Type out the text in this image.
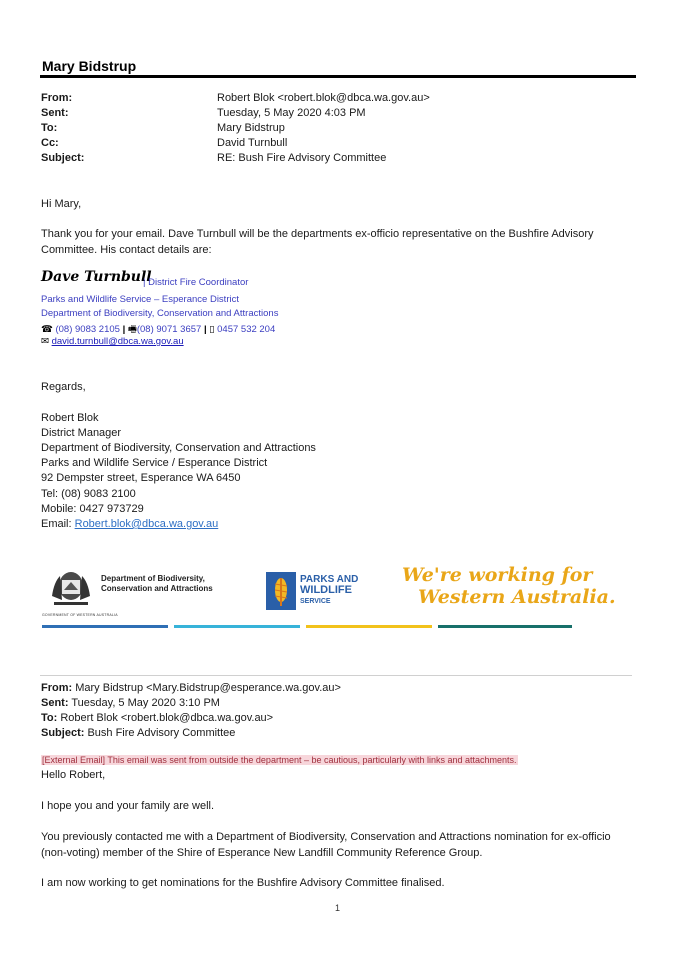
Mary Bidstrup
From:	Robert Blok <robert.blok@dbca.wa.gov.au>
Sent:	Tuesday, 5 May 2020 4:03 PM
To:	Mary Bidstrup
Cc:	David Turnbull
Subject:	RE: Bush Fire Advisory Committee
Hi Mary,
Thank you for your email. Dave Turnbull will be the departments ex-officio representative on the Bushfire Advisory Committee. His contact details are:
Dave Turnbull
| District Fire Coordinator
Parks and Wildlife Service – Esperance District
Department of Biodiversity, Conservation and Attractions
☎ (08) 9083 2105 | 🖷(08) 9071 3657 | ▯ 0457 532 204
✉ david.turnbull@dbca.wa.gov.au
Regards,
Robert Blok
District Manager
Department of Biodiversity, Conservation and Attractions
Parks and Wildlife Service / Esperance District
92 Dempster street, Esperance WA 6450
Tel: (08) 9083 2100
Mobile: 0427 973729
Email: Robert.blok@dbca.wa.gov.au
GOVERNMENT OF WESTERN AUSTRALIA
Department of Biodiversity,
Conservation and Attractions
PARKS AND
WILDLIFE
SERVICE
We're working for
Western Australia.
From: Mary Bidstrup <Mary.Bidstrup@esperance.wa.gov.au>
Sent: Tuesday, 5 May 2020 3:10 PM
To: Robert Blok <robert.blok@dbca.wa.gov.au>
Subject: Bush Fire Advisory Committee
[External Email] This email was sent from outside the department – be cautious, particularly with links and attachments.
Hello Robert,
I hope you and your family are well.
You previously contacted me with a Department of Biodiversity, Conservation and Attractions nomination for ex-officio (non-voting) member of the Shire of Esperance New Landfill Community Reference Group.
I am now working to get nominations for the Bushfire Advisory Committee finalised.
1
